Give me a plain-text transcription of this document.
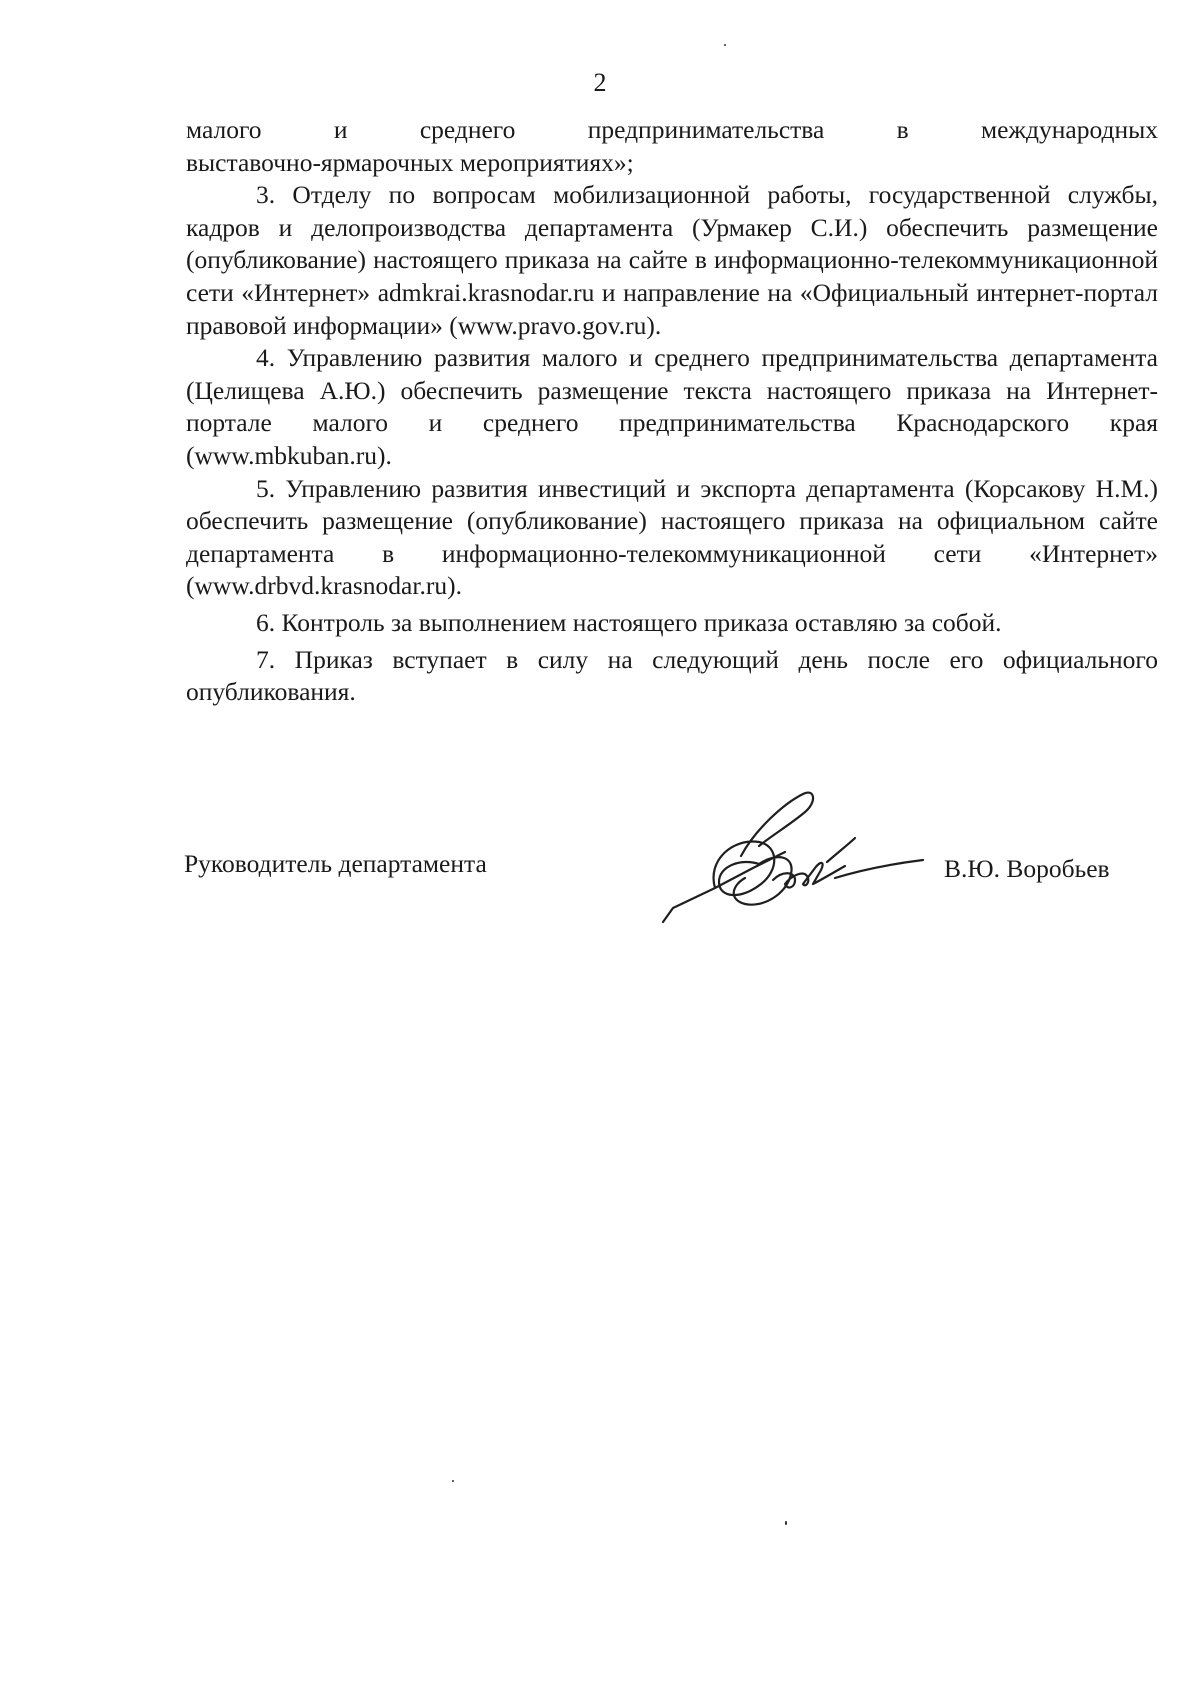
2

малого и среднего предпринимательства в международных
выставочно-ярмарочных мероприятиях»;

3. Отделу по вопросам мобилизационной работы, государственной службы, кадров и делопроизводства департамента (Урмакер С.И.) обеспечить размещение (опубликование) настоящего приказа на сайте в информационно-телекоммуникационной сети «Интернет» admkrai.krasnodar.ru и направление на «Официальный интернет-портал правовой информации» (www.pravo.gov.ru).

4. Управлению развития малого и среднего предпринимательства департамента (Целищева А.Ю.) обеспечить размещение текста настоящего приказа на Интернет-портале малого и среднего предпринимательства Краснодарского края (www.mbkuban.ru).

5. Управлению развития инвестиций и экспорта департамента (Корсакову Н.М.) обеспечить размещение (опубликование) настоящего приказа на официальном сайте департамента в информационно-телекоммуникационной сети «Интернет» (www.drbvd.krasnodar.ru).

6. Контроль за выполнением настоящего приказа оставляю за собой.

7. Приказ вступает в силу на следующий день после его официального опубликования.

Руководитель департамента	В.Ю. Воробьев
